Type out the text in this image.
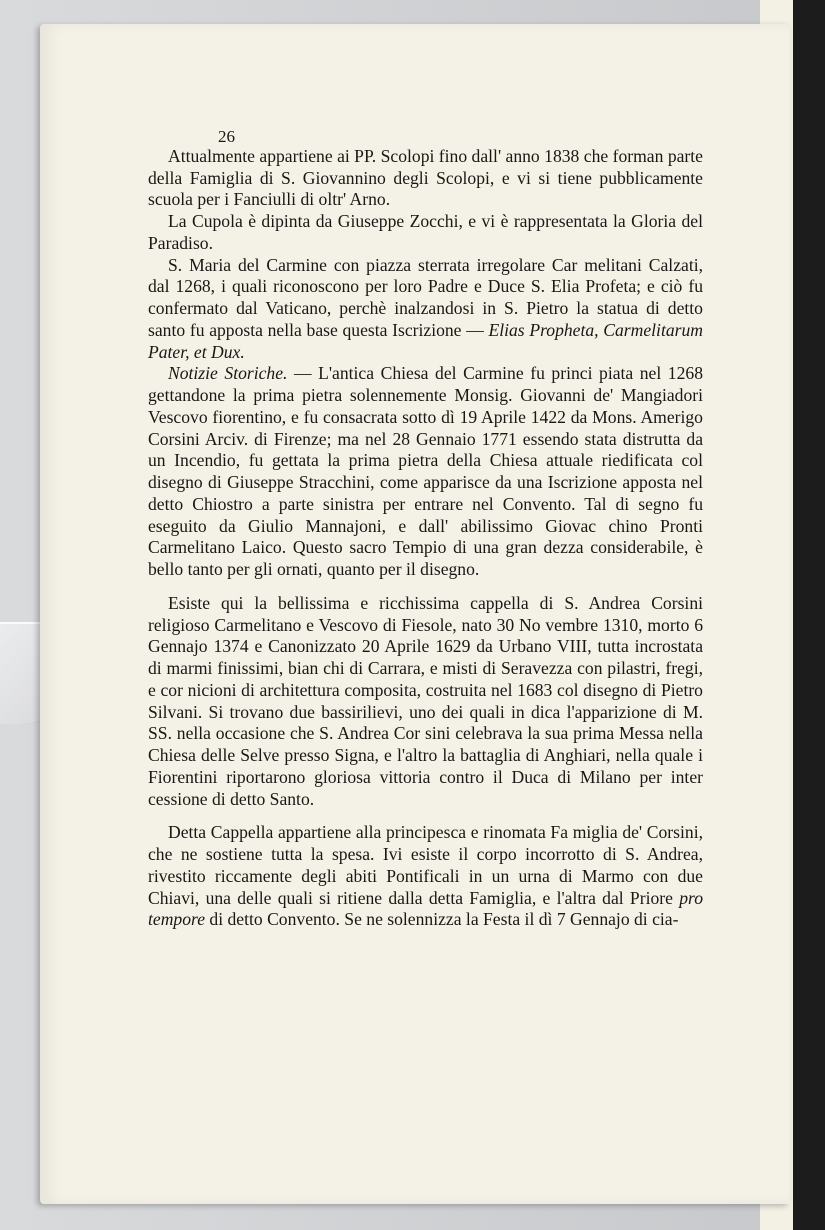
26

Attualmente appartiene ai PP. Scolopi fino dall' anno 1838 che forman parte della Famiglia di S. Giovannino degli Scolopi, e vi si tiene pubblicamente scuola per i Fanciulli di oltr' Arno.

La Cupola è dipinta da Giuseppe Zocchi, e vi è rappresentata la Gloria del Paradiso.

S. Maria del Carmine con piazza sterrata irregolare Car melitani Calzati, dal 1268, i quali riconoscono per loro Padre e Duce S. Elia Profeta; e ciò fu confermato dal Vaticano, perchè inalzandosi in S. Pietro la statua di detto santo fu apposta nella base questa Iscrizione — Elias Propheta, Carmelitarum Pater, et Dux.

Notizie Storiche. — L'antica Chiesa del Carmine fu princi piata nel 1268 gettandone la prima pietra solennemente Monsig. Giovanni de' Mangiadori Vescovo fiorentino, e fu consacrata sotto dì 19 Aprile 1422 da Mons. Amerigo Corsini Arciv. di Firenze; ma nel 28 Gennaio 1771 essendo stata distrutta da un Incendio, fu gettata la prima pietra della Chiesa attuale riedificata col disegno di Giuseppe Stracchini, come apparisce da una Iscrizione apposta nel detto Chiostro a parte sinistra per entrare nel Convento. Tal di segno fu eseguito da Giulio Mannajoni, e dall' abilissimo Giovac chino Pronti Carmelitano Laico. Questo sacro Tempio di una gran dezza considerabile, è bello tanto per gli ornati, quanto per il disegno.

Esiste qui la bellissima e ricchissima cappella di S. Andrea Corsini religioso Carmelitano e Vescovo di Fiesole, nato 30 No vembre 1310, morto 6 Gennajo 1374 e Canonizzato 20 Aprile 1629 da Urbano VIII, tutta incrostata di marmi finissimi, bian chi di Carrara, e misti di Seravezza con pilastri, fregi, e cor nicioni di architettura composita, costruita nel 1683 col disegno di Pietro Silvani. Si trovano due bassirilievi, uno dei quali in dica l'apparizione di M. SS. nella occasione che S. Andrea Cor sini celebrava la sua prima Messa nella Chiesa delle Selve presso Signa, e l'altro la battaglia di Anghiari, nella quale i Fiorentini riportarono gloriosa vittoria contro il Duca di Milano per inter cessione di detto Santo.

Detta Cappella appartiene alla principesca e rinomata Fa miglia de' Corsini, che ne sostiene tutta la spesa. Ivi esiste il corpo incorrotto di S. Andrea, rivestito riccamente degli abiti Pontificali in un urna di Marmo con due Chiavi, una delle quali si ritiene dalla detta Famiglia, e l'altra dal Priore pro tempore di detto Convento. Se ne solennizza la Festa il dì 7 Gennajo di cia-
